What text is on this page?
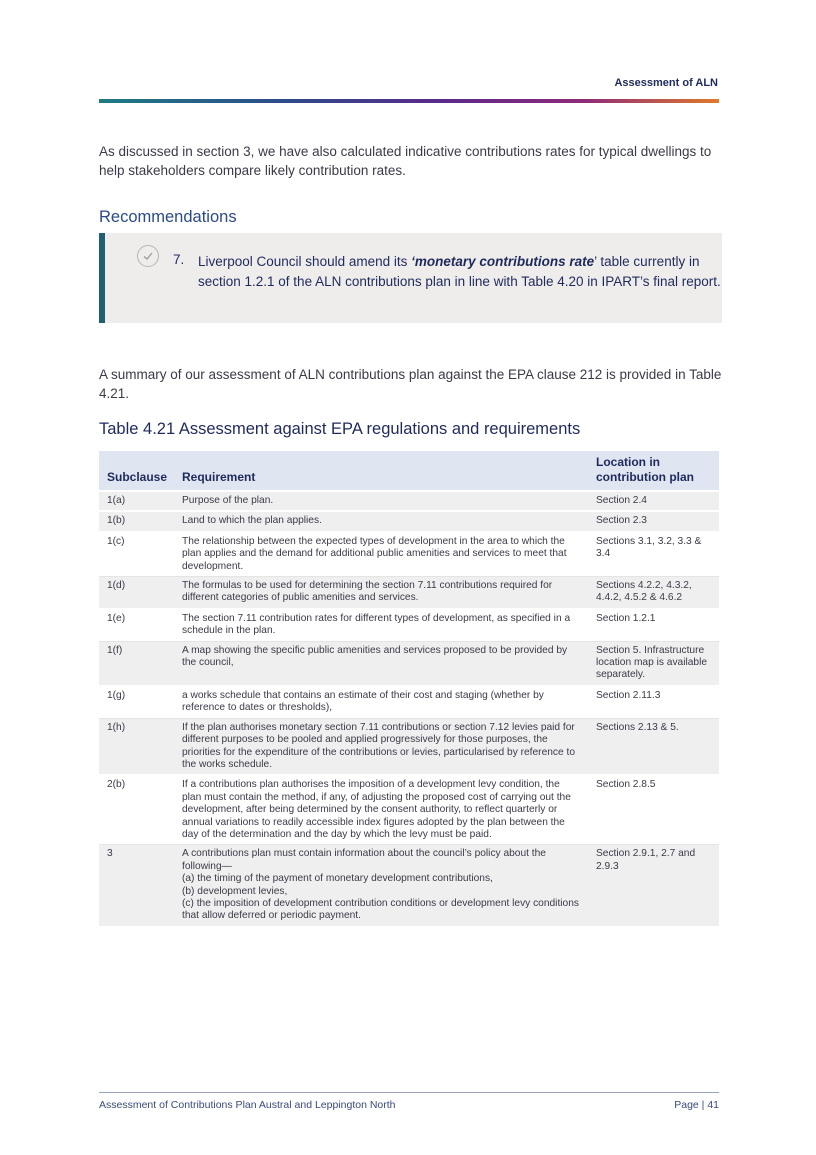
Assessment of ALN

As discussed in section 3, we have also calculated indicative contributions rates for typical dwellings to help stakeholders compare likely contribution rates.

Recommendations
7. Liverpool Council should amend its ‘monetary contributions rate’ table currently in section 1.2.1 of the ALN contributions plan in line with Table 4.20 in IPART’s final report.

A summary of our assessment of ALN contributions plan against the EPA clause 212 is provided in Table 4.21.

Table 4.21 Assessment against EPA regulations and requirements
Subclause	Requirement	Location in contribution plan
1(a)	Purpose of the plan.	Section 2.4
1(b)	Land to which the plan applies.	Section 2.3
1(c)	The relationship between the expected types of development in the area to which the plan applies and the demand for additional public amenities and services to meet that development.	Sections 3.1, 3.2, 3.3 & 3.4
1(d)	The formulas to be used for determining the section 7.11 contributions required for different categories of public amenities and services.	Sections 4.2.2, 4.3.2, 4.4.2, 4.5.2 & 4.6.2
1(e)	The section 7.11 contribution rates for different types of development, as specified in a schedule in the plan.	Section 1.2.1
1(f)	A map showing the specific public amenities and services proposed to be provided by the council,	Section 5. Infrastructure location map is available separately.
1(g)	a works schedule that contains an estimate of their cost and staging (whether by reference to dates or thresholds),	Section 2.11.3
1(h)	If the plan authorises monetary section 7.11 contributions or section 7.12 levies paid for different purposes to be pooled and applied progressively for those purposes, the priorities for the expenditure of the contributions or levies, particularised by reference to the works schedule.	Sections 2.13 & 5.
2(b)	If a contributions plan authorises the imposition of a development levy condition, the plan must contain the method, if any, of adjusting the proposed cost of carrying out the development, after being determined by the consent authority, to reflect quarterly or annual variations to readily accessible index figures adopted by the plan between the day of the determination and the day by which the levy must be paid.	Section 2.8.5
3	A contributions plan must contain information about the council’s policy about the following—
(a) the timing of the payment of monetary development contributions,
(b) development levies,
(c) the imposition of development contribution conditions or development levy conditions that allow deferred or periodic payment.	Section 2.9.1, 2.7 and 2.9.3
Assessment of Contributions Plan Austral and Leppington North	Page | 41
